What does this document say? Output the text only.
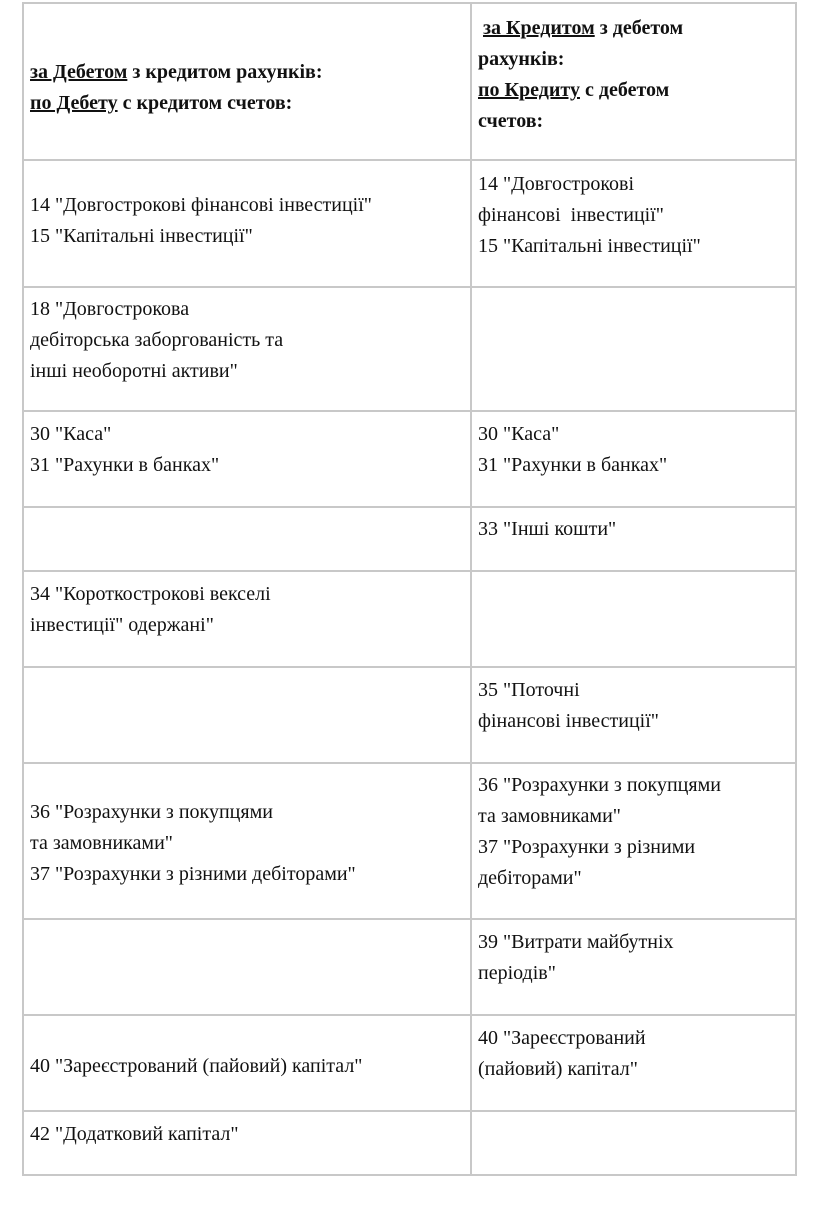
за Дебетом з кредитом рахунків:
по Дебету с кредитом счетов:	за Кредитом з дебетом
рахунків:
по Кредиту с дебетом
счетов:

14 "Довгострокові фінансові інвестиції"
15 "Капітальні інвестиції"	14 "Довгострокові
фінансові  інвестиції"
15 "Капітальні інвестиції"

18 "Довгострокова
дебіторська заборгованість та
інші необоротні активи"	

30 "Каса"
31 "Рахунки в банках"	30 "Каса"
31 "Рахунки в банках"

	33 "Інші кошти"

34 "Короткострокові векселі
інвестиції" одержані"	

	35 "Поточні
фінансові інвестиції"

36 "Розрахунки з покупцями
та замовниками"
37 "Розрахунки з різними дебіторами"	36 "Розрахунки з покупцями
та замовниками"
37 "Розрахунки з різними
дебіторами"

	39 "Витрати майбутніх
періодів"

40 "Зареєстрований (пайовий) капітал"	40 "Зареєстрований
(пайовий) капітал"

42 "Додатковий капітал"	
